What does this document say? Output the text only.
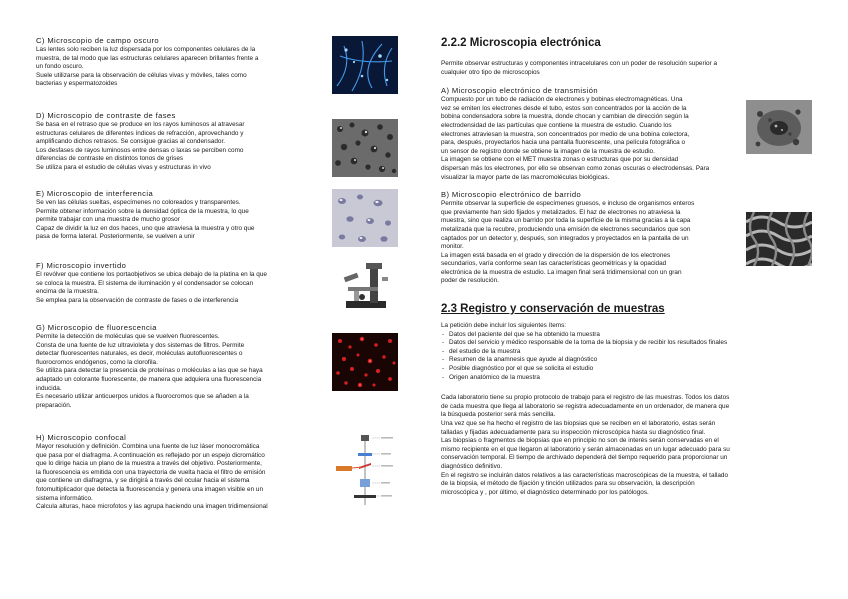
C) Microscopio de campo oscuro
Las lentes solo reciben la luz dispersada por los componentes celulares de la
muestra, de tal modo que las estructuras celulares aparecen brillantes frente a
un fondo oscuro.
Suele utilizarse para la observación de células vivas y móviles, tales como
bacterias y espermatozoides
D) Microscopio de contraste de fases
Se basa en el retraso que se produce en los rayos luminosos al atravesar
estructuras celulares de diferentes índices de refracción, aprovechando y
amplificando dichos retrasos. Se consigue gracias al condensador.
Los desfases de rayos luminosos entre densas o laxas se perciben como
diferencias de contraste en distintos tonos de grises
Se utiliza para el estudio de células vivas y estructuras in vivo
E) Microscopio de interferencia
Se ven las células sueltas, especímenes no coloreados y transparentes.
Permite obtener información sobre la densidad óptica de la muestra, lo que
permite trabajar con una muestra de mucho grosor
Capaz de dividir la luz en dos haces, uno que atraviesa la muestra y otro que
pasa de forma lateral. Posteriormente, se vuelven a unir
F) Microscopio invertido
El revólver que contiene los portaobjetivos se ubica debajo de la platina en la que
se coloca la muestra. El sistema de iluminación y el condensador se colocan
encima de la muestra.
Se emplea para la observación de contraste de fases o de interferencia
G) Microscopio de fluorescencia
Permite la detección de moléculas que se vuelven fluorescentes.
Consta de una fuente de luz ultravioleta y dos sistemas de filtros. Permite
detectar fluorescentes naturales, es decir, moléculas autofluorescentes o
fluorocromos endógenos, como la clorofila.
Se utiliza para detectar la presencia de proteínas o moléculas a las que se haya
adaptado un colorante fluorescente, de manera que adquiera una fluorescencia
inducida.
Es necesario utilizar anticuerpos unidos a fluorocromos que se añaden a la
preparación.
H) Microscopio confocal
Mayor resolución y definición. Combina una fuente de luz láser monocromática
que pasa por el diafragma. A continuación es reflejado por un espejo dicromático
que lo dirige hacia un plano de la muestra a través del objetivo. Posteriormente,
la fluorescencia es emitida con una trayectoria de vuelta hacia el filtro de emisión
que contiene un diafragma, y se dirigirá a través del ocular hacia el sistema
fotomultiplicador que detecta la fluorescencia y genera una imagen visible en un
sistema informático.
Calcula alturas, hace microfotos y las agrupa haciendo una imagen tridimensional
2.2.2 Microscopia electrónica
Permite observar estructuras y componentes intracelulares con un poder de resolución superior a
cualquier otro tipo de microscopios
A) Microscopio electrónico de transmisión
Compuesto por un tubo de radiación de electrones y bobinas electromagnéticas. Una
vez se emiten los electrones desde el tubo, estos son concentrados por la acción de la
bobina condensadora sobre la muestra, donde chocan y cambian de dirección según la
electrodensidad de las partículas que contiene la muestra de estudio. Cuando los
electrones atraviesan la muestra, son concentrados por medio de una bobina colectora,
para, después, proyectarlos hacia una pantalla fluorescente, una película fotográfica o
un sensor de registro donde se obtiene la imagen de la muestra de estudio.
La imagen se obtiene con el MET muestra zonas o estructuras que por su densidad
dispersan más los electrones, por ello se observan como zonas oscuras o electrodensas. Para
visualizar la mayor parte de las macromoléculas biológicas.
B) Microscopio electrónico de barrido
Permite observar la superficie de especímenes gruesos, e incluso de organismos enteros
que previamente han sido fijados y metalizados. El haz de electrones no atraviesa la
muestra, sino que realiza un barrido por toda la superficie de la misma gracias a la capa
metalizada que la recubre, produciendo una emisión de electrones secundarios que son
captados por un detector y, después, son integrados y proyectados en la pantalla de un
monitor.
La imagen está basada en el grado y dirección de la dispersión de los electrones
secundarios, varía conforme sean las características geométricas y la opacidad
electrónica de la muestra de estudio. La imagen final será tridimensional con un gran
poder de resolución.
2.3 Registro y conservación de muestras
La petición debe incluir los siguientes ítems:
- Datos del paciente del que se ha obtenido la muestra
- Datos del servicio y médico responsable de la toma de la biopsia y de recibir los resultados finales
- del estudio de la muestra
- Resumen de la anamnesis que ayude al diagnóstico
- Posible diagnóstico por el que se solicita el estudio
- Origen anatómico de la muestra
Cada laboratorio tiene su propio protocolo de trabajo para el registro de las muestras. Todos los datos
de cada muestra que llega al laboratorio se registra adecuadamente en un ordenador, de manera que
la búsqueda posterior será más sencilla.
Una vez que se ha hecho el registro de las biopsias que se reciben en el laboratorio, estas serán
talladas y fijadas adecuadamente para su inspección microscópica hasta su diagnóstico final.
Las biopsias o fragmentos de biopsias que en principio no son de interés serán conservadas en el
mismo recipiente en el que llegaron al laboratorio y serán almacenadas en un lugar adecuado para su
conservación temporal. El tiempo de archivado dependerá del tiempo requerido para proporcionar un
diagnóstico definitivo.
En el registro se incluirán datos relativos a las características macroscópicas de la muestra, el tallado
de la biopsia, el método de fijación y tinción utilizados para su observación, la descripción
microscópica y , por último, el diagnóstico determinado por los patólogos.
